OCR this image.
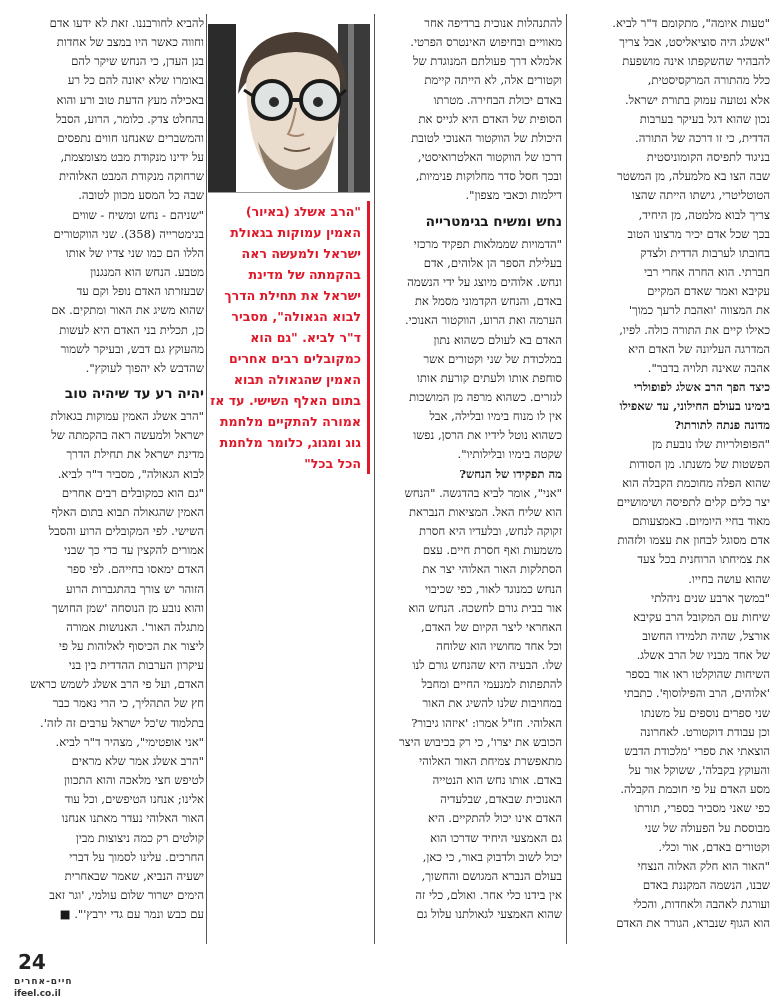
"טעות איומה", מתקומם ד"ר לביא.

"אשלג היה סוציאליסט, אבל צריך

להבהיר שהשקפתו אינה מושפעת

כלל מהתורה המרקסיסטית,

אלא נטועה עמוק בתורת ישראל.

נכון שהוא דגל בעיקר בערבות

הדדית, כי זו דרכה של התורה.

בניגוד לתפיסה הקומוניסטית

שבה הצו בא מלמעלה, מן המשטר

הטוטליטרי, גישתו הייתה שהצו

צריך לבוא מלמטה, מן היחיד,

בכך שכל אדם יכיר מרצונו הטוב

בחובתו לערבות הדדית ולצדק

חברתי. הוא החרה אחרי רבי

עקיבא ואמר שאדם המקיים

את המצווה 'ואהבת לרעך כמוך'

כאילו קיים את התורה כולה. לפיו,

המדרגה העליונה של האדם היא

אהבה שאינה תלויה בדבר".

כיצד הפך הרב אשלג לפופולרי

בימינו בעולם החילוני, עד שאפילו

מדונה פנתה לתורתו?

"הפופולריות שלו נובעת מן

הפשטות של משנתו. מן הסודות

שהוא הפלה מחוכמת הקבלה הוא

יצר כלים קלים לתפיסה ושימושיים

מאוד בחיי היומיום. באמצעותם

אדם מסוגל לבחון את עצמו ולזהות

את צמיחתו הרוחנית בכל צעד

שהוא עושה בחייו.

"במשך ארבע שנים ניהלתי

שיחות עם המקובל הרב עקיבא

אורצל, שהיה תלמידו החשוב

של אחד מבניו של הרב אשלג.

השיחות שהוקלטו ראו אור בספר

'אלוהים, הרב והפילוסוף'. כתבתי

שני ספרים נוספים על משנתו

וכן עבודת דוקטורט. לאחרונה

הוצאתי את ספרי 'מלכודת הדבש

והעוקץ בקבלה', ששוקל אור על

מסע האדם על פי חוכמת הקבלה.

כפי שאני מסביר בספרי, תורתו

מבוססת על הפעולה של שני

וקטורים באדם, אור וכלי.

"האור הוא חלק האלוה הנצחי

שבנו, הנשמה המקננת באדם

ועורגת לאהבה ולאחדות, והכלי

הוא הגוף שנברא, הגורר את האדם

להתנהלות אנוכית ברדיפה אחר

מאוויים ובחיפוש האינטרס הפרטי.

אלמלא דרך פעולתם המנוגדת של

וקטורים אלה, לא הייתה קיימת

באדם יכולת הבחירה. מטרתו

הסופית של האדם היא לגייס את

היכולת של הווקטור האנוכי לטובת

דרכו של הווקטור האלטרואיסטי,

ובכך חסל סדר מחלוקות פנימיות,

דילמות וכאבי מצפון".

נחש ומשיח בגימטרייה

"הדמויות שממלאות תפקיד מרכזי

בעלילת הספר הן אלוהים, אדם

ונחש. אלוהים מיוצג על ידי הנשמה

באדם, והנחש הקדמוני מסמל את

הערמה ואת הרוע, הווקטור האנוכי.

האדם בא לעולם כשהוא נתון

במלכודת של שני וקטורים אשר

סוחפת אותו ולעתים קורעת אותו

לגזרים. כשהוא מרפה מן המושכות

אין לו מנוח בימיו ובלילה, אבל

כשהוא נוטל לידיו את הרסן, נפשו

שקטה בימיו ובלילותיו".

מה תפקידו של הנחש?

"אני", אומר לביא בהדגשה. "הנחש

הוא שליח האל. המציאות הנבראת

זקוקה לנחש, ובלעדיו היא חסרת

משמעות ואף חסרת חיים. עצם

הסתלקות האור האלוהי יצר את

הנחש כמנוגד לאור, כפי שכיבוי

אור בבית גורם לחשכה. הנחש הוא

האחראי ליצר הקיום של האדם,

וכל אחד מחושיו הוא שלוחה

שלו. הבעיה היא שהנחש גורם לנו

להתפתות למנעמי החיים ומחבל

במחויבות שלנו להשיג את האור

האלוהי. חז"ל אמרו: 'איזהו גיבור?

הכובש את יצרו', כי רק בכיבוש היצר

מתאפשרת צמיחת האור האלוהי

באדם. אותו נחש הוא הנטייה

האנוכית שבאדם, שבלעדיה

האדם אינו יכול להתקיים. היא

גם האמצעי היחיד שדרכו הוא

יכול לשוב ולדבוק באור, כי כאן,

בעולם הנברא המגושם והחשוך,

אין בידנו כלי אחר. ואולם, כלי זה

שהוא האמצעי לגאולתנו עלול גם

"הרב אשלג (באיור) האמין עמוקות בגאולת ישראל ולמעשה ראה בהקמתה של מדינת ישראל את תחילת הדרך לבוא הגאולה", מסביר ד"ר לביא. "גם הוא כמקובלים רבים אחרים האמין שהגאולה תבוא בתום האלף השישי. עד אז אמורה להתקיים מלחמת גוג ומגוג, כלומר מלחמת הכל בכל"

להביא לחורבננו. זאת לא ידעו אדם

וחווה כאשר היו במצב של אחדות

בגן העדן, כי הנחש שיקר להם

באומרו שלא יאונה להם כל רע

באכילה מעץ הדעת טוב ורע והוא

בהחלט צדק. כלומר, הרוע, הסבל

והמשברים שאנחנו חווים נתפסים

על ידינו מנקודת מבט מצומצמת,

שרחוקה מנקודת המבט האלוהית

שבה כל המסע מכוון לטובה.

"שניהם - נחש ומשיח - שווים

בגימטרייה (358). שני הווקטורים

הללו הם כמו שני צדיו של אותו

מטבע. הנחש הוא המנגנון

שבעזרתו האדם נופל וקם עד

שהוא משיג את האור ומתקים. אם

כן, תכלית בני האדם היא לעשות

מהעוקץ גם דבש, ובעיקר לשמור

שהדבש לא יהפוך לעוקץ".

יהיה רע עד שיהיה טוב

"הרב אשלג האמין עמוקות בגאולת

ישראל ולמעשה ראה בהקמתה של

מדינת ישראל את תחילת הדרך

לבוא הגאולה", מסביר ד"ר לביא.

"גם הוא כמקובלים רבים אחרים

האמין שהגאולה תבוא בתום האלף

השישי. לפי המקובלים הרוע והסבל

אמורים להקצין עד כדי כך שבני

האדם ימאסו בחייהם. לפי ספר

הזוהר יש צורך בהתגברות הרוע

והוא נובע מן הנוסחה 'שמן החושך

מתגלה האור'. האנושות אמורה

ליצור את הכיסוף לאלוהות על פי

עיקרון הערבות ההדדית בין בני

האדם, ועל פי הרב אשלג לשמש כראש

חץ של התהליך, כי הרי נאמר כבר

בתלמוד ש'כל ישראל ערבים זה לזה'.

"אני אופטימי", מצהיר ד"ר לביא.

"הרב אשלג אמר שלא מראים

לטיפש חצי מלאכה והוא התכוון

אלינו; אנחנו הטיפשים, וכל עוד

האור האלוהי נעדר מאתנו אנחנו

קולטים רק כמה ניצוצות מבין

החרכים. עלינו לסמוך על דברי

ישעיה הנביא, שאמר שבאחרית

הימים ישרור שלום עולמי, 'וגר זאב

עם כבש ונמר עם גדי ירבץ'". ■

24
חיים-אחרים
ifeel.co.il
